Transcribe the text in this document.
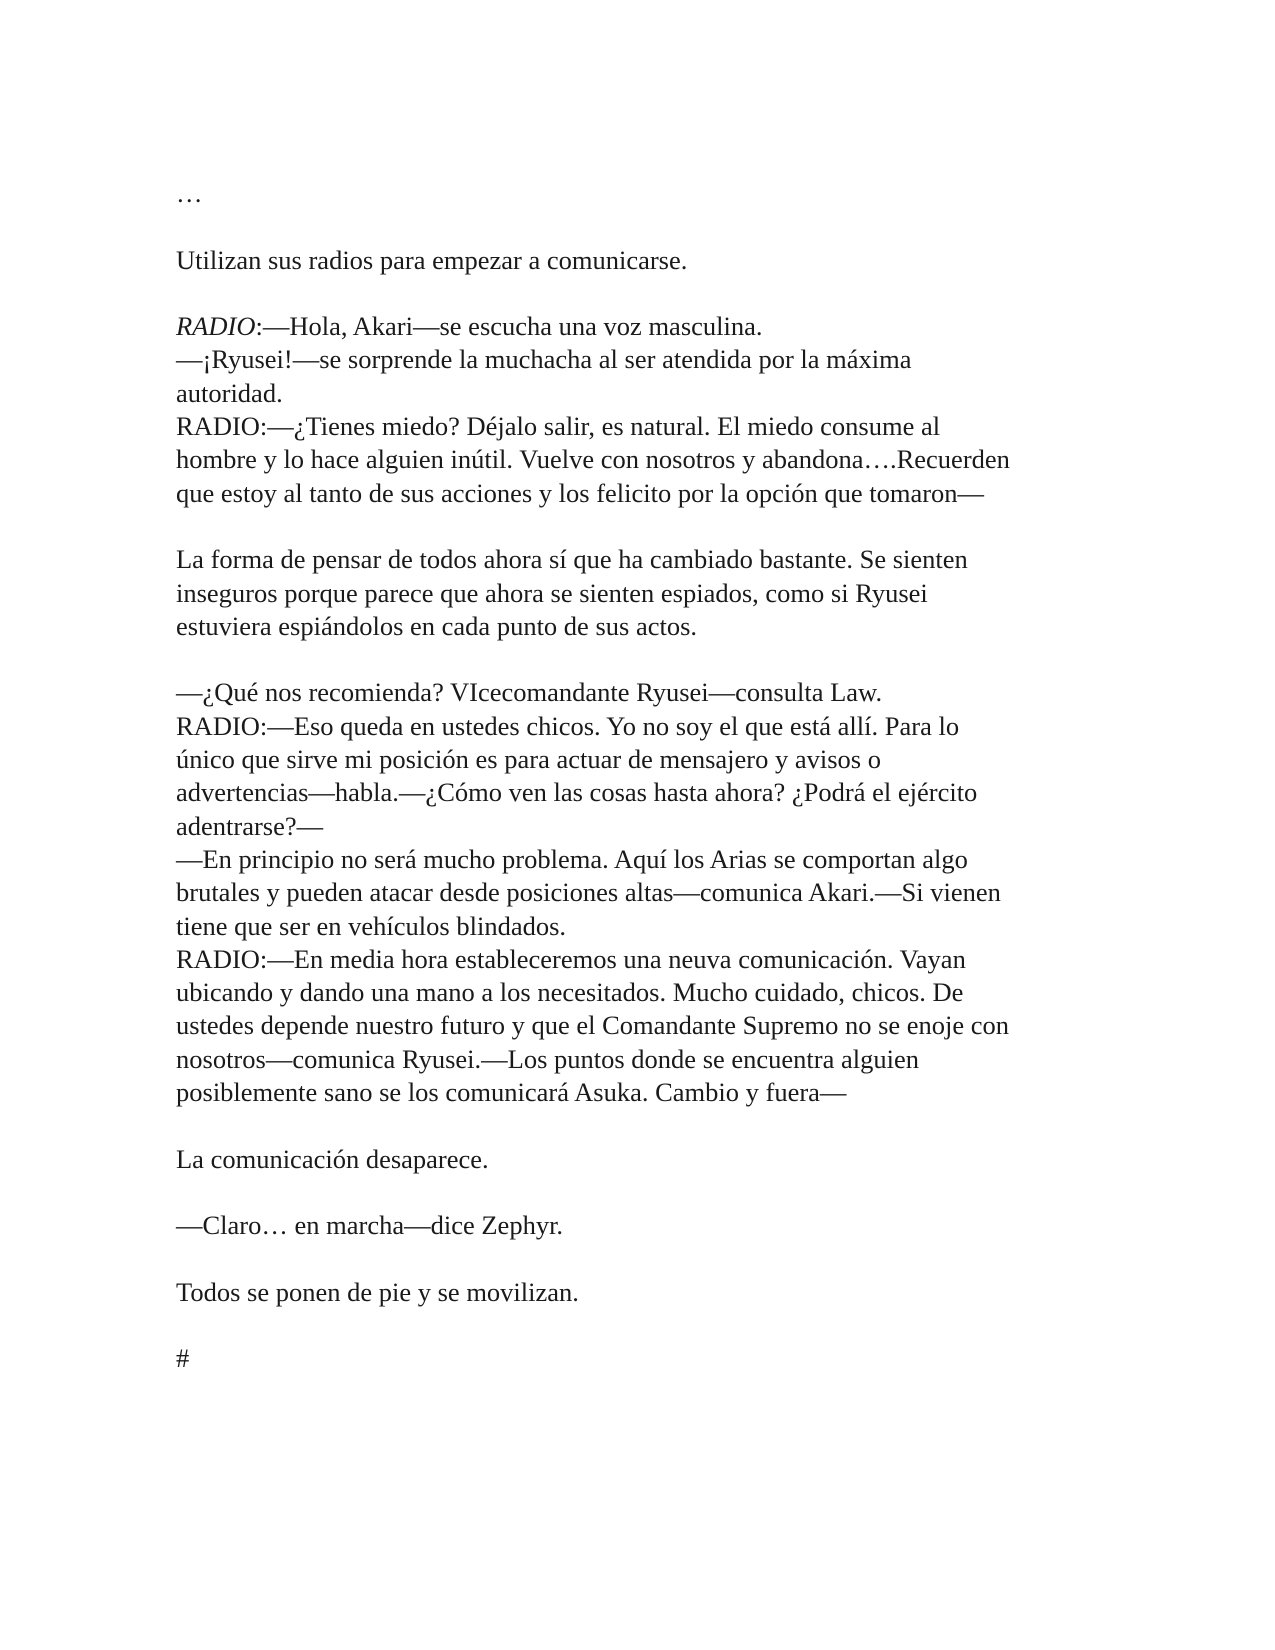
…
Utilizan sus radios para empezar a comunicarse.
RADIO:—Hola, Akari—se escucha una voz masculina.
—¡Ryusei!—se sorprende la muchacha al ser atendida por la máxima
autoridad.
RADIO:—¿Tienes miedo? Déjalo salir, es natural. El miedo consume al
hombre y lo hace alguien inútil. Vuelve con nosotros y abandona….Recuerden
que estoy al tanto de sus acciones y los felicito por la opción que tomaron—
La forma de pensar de todos ahora sí que ha cambiado bastante. Se sienten
inseguros porque parece que ahora se sienten espiados, como si Ryusei
estuviera espiándolos en cada punto de sus actos.
—¿Qué nos recomienda? VIcecomandante Ryusei—consulta Law.
RADIO:—Eso queda en ustedes chicos. Yo no soy el que está allí. Para lo
único que sirve mi posición es para actuar de mensajero y avisos o
advertencias—habla.—¿Cómo ven las cosas hasta ahora? ¿Podrá el ejército
adentrarse?—
—En principio no será mucho problema. Aquí los Arias se comportan algo
brutales y pueden atacar desde posiciones altas—comunica Akari.—Si vienen
tiene que ser en vehículos blindados.
RADIO:—En media hora estableceremos una neuva comunicación. Vayan
ubicando y dando una mano a los necesitados. Mucho cuidado, chicos. De
ustedes depende nuestro futuro y que el Comandante Supremo no se enoje con
nosotros—comunica Ryusei.—Los puntos donde se encuentra alguien
posiblemente sano se los comunicará Asuka. Cambio y fuera—
La comunicación desaparece.
—Claro… en marcha—dice Zephyr.
Todos se ponen de pie y se movilizan.
#
